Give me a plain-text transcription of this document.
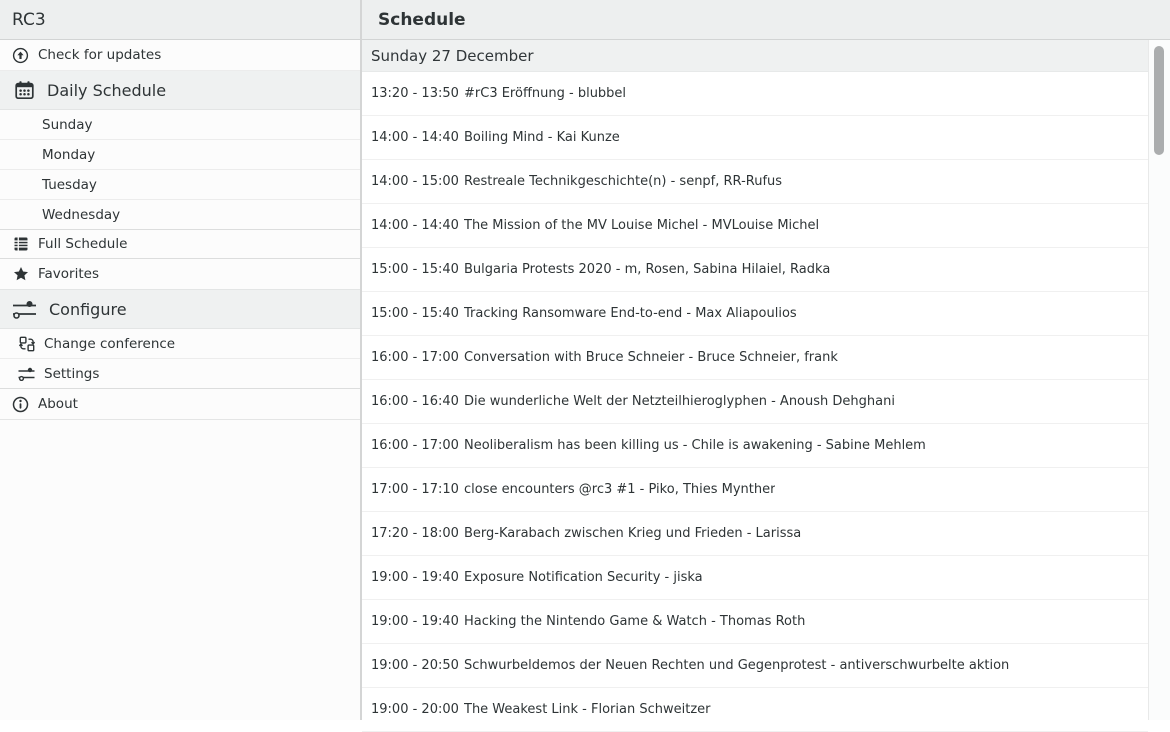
RC3
Check for updates
Daily Schedule
Sunday
Monday
Tuesday
Wednesday
Full Schedule
Favorites
Configure
Change conference
Settings
About
Schedule
Sunday 27 December
13:20 - 13:50 #rC3 Eröffnung - blubbel
14:00 - 14:40 Boiling Mind - Kai Kunze
14:00 - 15:00 Restreale Technikgeschichte(n) - senpf, RR-Rufus
14:00 - 14:40 The Mission of the MV Louise Michel - MVLouise Michel
15:00 - 15:40 Bulgaria Protests 2020 - m, Rosen, Sabina Hilaiel, Radka
15:00 - 15:40 Tracking Ransomware End-to-end - Max Aliapoulios
16:00 - 17:00 Conversation with Bruce Schneier - Bruce Schneier, frank
16:00 - 16:40 Die wunderliche Welt der Netzteilhieroglyphen - Anoush Dehghani
16:00 - 17:00 Neoliberalism has been killing us - Chile is awakening - Sabine Mehlem
17:00 - 17:10 close encounters @rc3 #1 - Piko, Thies Mynther
17:20 - 18:00 Berg-Karabach zwischen Krieg und Frieden - Larissa
19:00 - 19:40 Exposure Notification Security - jiska
19:00 - 19:40 Hacking the Nintendo Game & Watch - Thomas Roth
19:00 - 20:50 Schwurbeldemos der Neuen Rechten und Gegenprotest - antiverschwurbelte aktion
19:00 - 20:00 The Weakest Link - Florian Schweitzer
